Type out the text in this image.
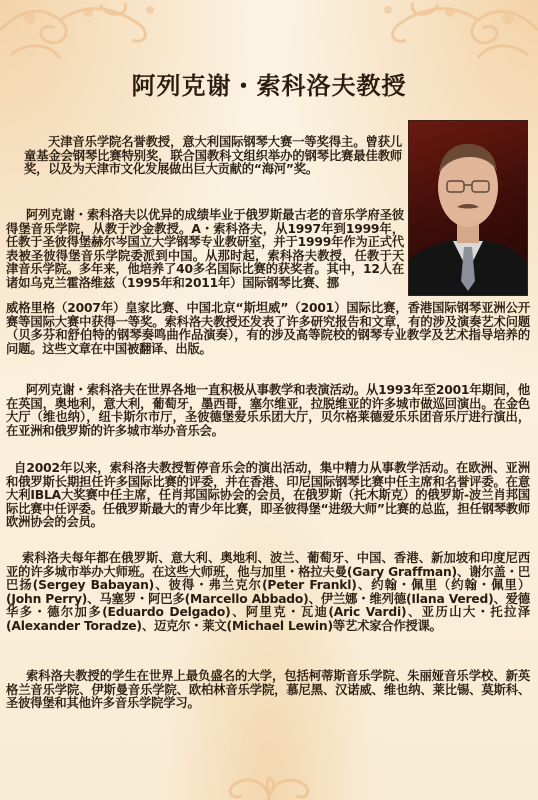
阿列克谢・索科洛夫教授

天津音乐学院名誉教授，意大利国际钢琴大赛一等奖得主。曾获儿童基金会钢琴比赛特别奖，联合国教科文组织举办的钢琴比赛最佳教师奖，以及为天津市文化发展做出巨大贡献的“海河”奖。

阿列克谢・索科洛夫以优异的成绩毕业于俄罗斯最古老的音乐学府圣彼得堡音乐学院，从教于沙金教授。A・索科洛夫，从1997年到1999年，任教于圣彼得堡赫尔岑国立大学钢琴专业教研室，并于1999年作为正式代表被圣彼得堡音乐学院委派到中国。从那时起，索科洛夫教授，任教于天津音乐学院。多年来，他培养了40多名国际比赛的获奖者。其中，12人在诸如乌克兰霍洛维兹（1995年和2011年）国际钢琴比赛、挪

威格里格（2007年）皇家比赛、中国北京“斯坦威”（2001）国际比赛，香港国际钢琴亚洲公开赛等国际大赛中获得一等奖。索科洛夫教授还发表了许多研究报告和文章，有的涉及演奏艺术问题（贝多芬和舒伯特的钢琴奏鸣曲作品演奏），有的涉及高等院校的钢琴专业教学及艺术指导培养的问题。这些文章在中国被翻译、出版。

阿列克谢・索科洛夫在世界各地一直积极从事教学和表演活动。从1993年至2001年期间，他在英国，奥地利，意大利，葡萄牙，墨西哥，塞尔维亚，拉脱维亚的许多城市做巡回演出。在金色大厅（维也纳），纽卡斯尔市厅，圣彼德堡爱乐乐团大厅，贝尔格莱德爱乐乐团音乐厅进行演出，在亚洲和俄罗斯的许多城市举办音乐会。

自2002年以来，索科洛夫教授暂停音乐会的演出活动，集中精力从事教学活动。在欧洲、亚洲和俄罗斯长期担任许多国际比赛的评委，并在香港、印尼国际钢琴比赛中任主席和名誉评委。在意大利IBLA大奖赛中任主席，任肖邦国际协会的会员，在俄罗斯（托木斯克）的俄罗斯-波兰肖邦国际比赛中任评委。任俄罗斯最大的青少年比赛，即圣彼得堡“进级大师”比赛的总监，担任钢琴教师欧洲协会的会员。

索科洛夫每年都在俄罗斯、意大利、奥地利、波兰、葡萄牙、中国、香港、新加坡和印度尼西亚的许多城市举办大师班。在这些大师班，他与加里・格拉夫曼(Gary Graffman)、谢尔盖・巴巴扬(Sergey Babayan)、彼得・弗兰克尔(Peter Frankl)、约翰・佩里（约翰・佩里）(John Perry)、马塞罗・阿巴多(Marcello Abbado)、伊兰娜・维列德(Ilana Vered)、爱德华多・德尔加多(Eduardo Delgado)、阿里克・瓦迪(Aric Vardi)、亚历山大・托拉泽(Alexander Toradze)、迈克尔・莱文(Michael Lewin)等艺术家合作授课。

索科洛夫教授的学生在世界上最负盛名的大学，包括柯蒂斯音乐学院、朱丽娅音乐学校、新英格兰音乐学院、伊斯曼音乐学院、欧柏林音乐学院，慕尼黑、汉诺威、维也纳、莱比锡、莫斯科、圣彼得堡和其他许多音乐学院学习。
